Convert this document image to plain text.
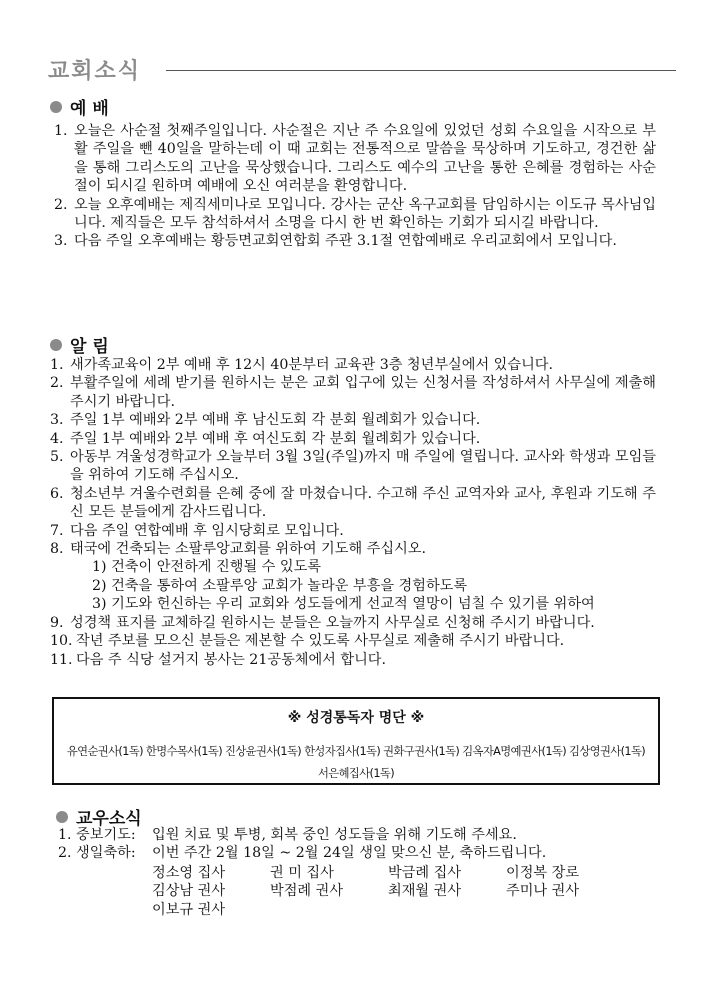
교회소식
예 배
1. 오늘은 사순절 첫째주일입니다. 사순절은 지난 주 수요일에 있었던 성회 수요일을 시작으로 부활 주일을 뺀 40일을 말하는데 이 때 교회는 전통적으로 말씀을 묵상하며 기도하고, 경건한 삶을 통해 그리스도의 고난을 묵상했습니다. 그리스도 예수의 고난을 통한 은혜를 경험하는 사순절이 되시길 원하며 예배에 오신 여러분을 환영합니다.
2. 오늘 오후예배는 제직세미나로 모입니다. 강사는 군산 옥구교회를 담임하시는 이도규 목사님입니다. 제직들은 모두 참석하셔서 소명을 다시 한 번 확인하는 기회가 되시길 바랍니다.
3. 다음 주일 오후예배는 황등면교회연합회 주관 3.1절 연합예배로 우리교회에서 모입니다.
알 림
1. 새가족교육이 2부 예배 후 12시 40분부터 교육관 3층 청년부실에서 있습니다.
2. 부활주일에 세례 받기를 원하시는 분은 교회 입구에 있는 신청서를 작성하셔서 사무실에 제출해 주시기 바랍니다.
3. 주일 1부 예배와 2부 예배 후 남신도회 각 분회 월례회가 있습니다.
4. 주일 1부 예배와 2부 예배 후 여신도회 각 분회 월례회가 있습니다.
5. 아동부 겨울성경학교가 오늘부터 3월 3일(주일)까지 매 주일에 열립니다. 교사와 학생과 모임들을 위하여 기도해 주십시오.
6. 청소년부 겨울수련회를 은혜 중에 잘 마쳤습니다. 수고해 주신 교역자와 교사, 후원과 기도해 주신 모든 분들에게 감사드립니다.
7. 다음 주일 연합예배 후 임시당회로 모입니다.
8. 태국에 건축되는 소팔루앙교회를 위하여 기도해 주십시오.
1) 건축이 안전하게 진행될 수 있도록
2) 건축을 통하여 소팔루앙 교회가 놀라운 부흥을 경험하도록
3) 기도와 헌신하는 우리 교회와 성도들에게 선교적 열망이 넘칠 수 있기를 위하여
9. 성경책 표지를 교체하길 원하시는 분들은 오늘까지 사무실로 신청해 주시기 바랍니다.
10. 작년 주보를 모으신 분들은 제본할 수 있도록 사무실로 제출해 주시기 바랍니다.
11. 다음 주 식당 설거지 봉사는 21공동체에서 합니다.
※ 성경통독자 명단 ※
유연순권사(1독) 한명수목사(1독) 진상윤권사(1독) 한성자집사(1독) 권화구권사(1독) 김옥자A명예권사(1독) 김상영권사(1독)
서은혜집사(1독)
교우소식
1. 중보기도:	입원 치료 및 투병, 회복 중인 성도들을 위해 기도해 주세요.
2. 생일축하:	이번 주간 2월 18일 ~ 2월 24일 생일 맞으신 분, 축하드립니다.
정소영 집사	권 미 집사	박금례 집사	이정복 장로
김상남 권사	박점례 권사	최재월 권사	주미나 권사
이보규 권사
